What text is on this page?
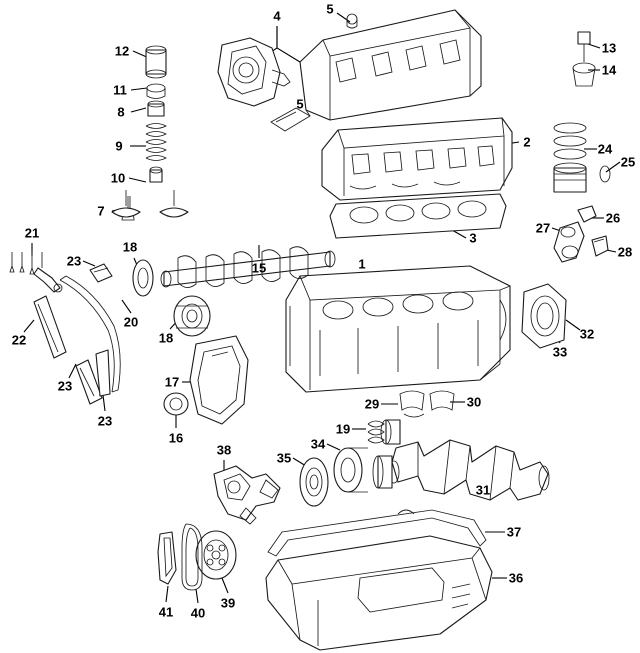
1
2
3
4	5
5
7
8
9
10
11
12	13
14
15
16
17
18
18
19
20
21
22
23
23
23
24
25
26
27
28
29	30
31
32
33
34
35
36
37
38
39
40
41
